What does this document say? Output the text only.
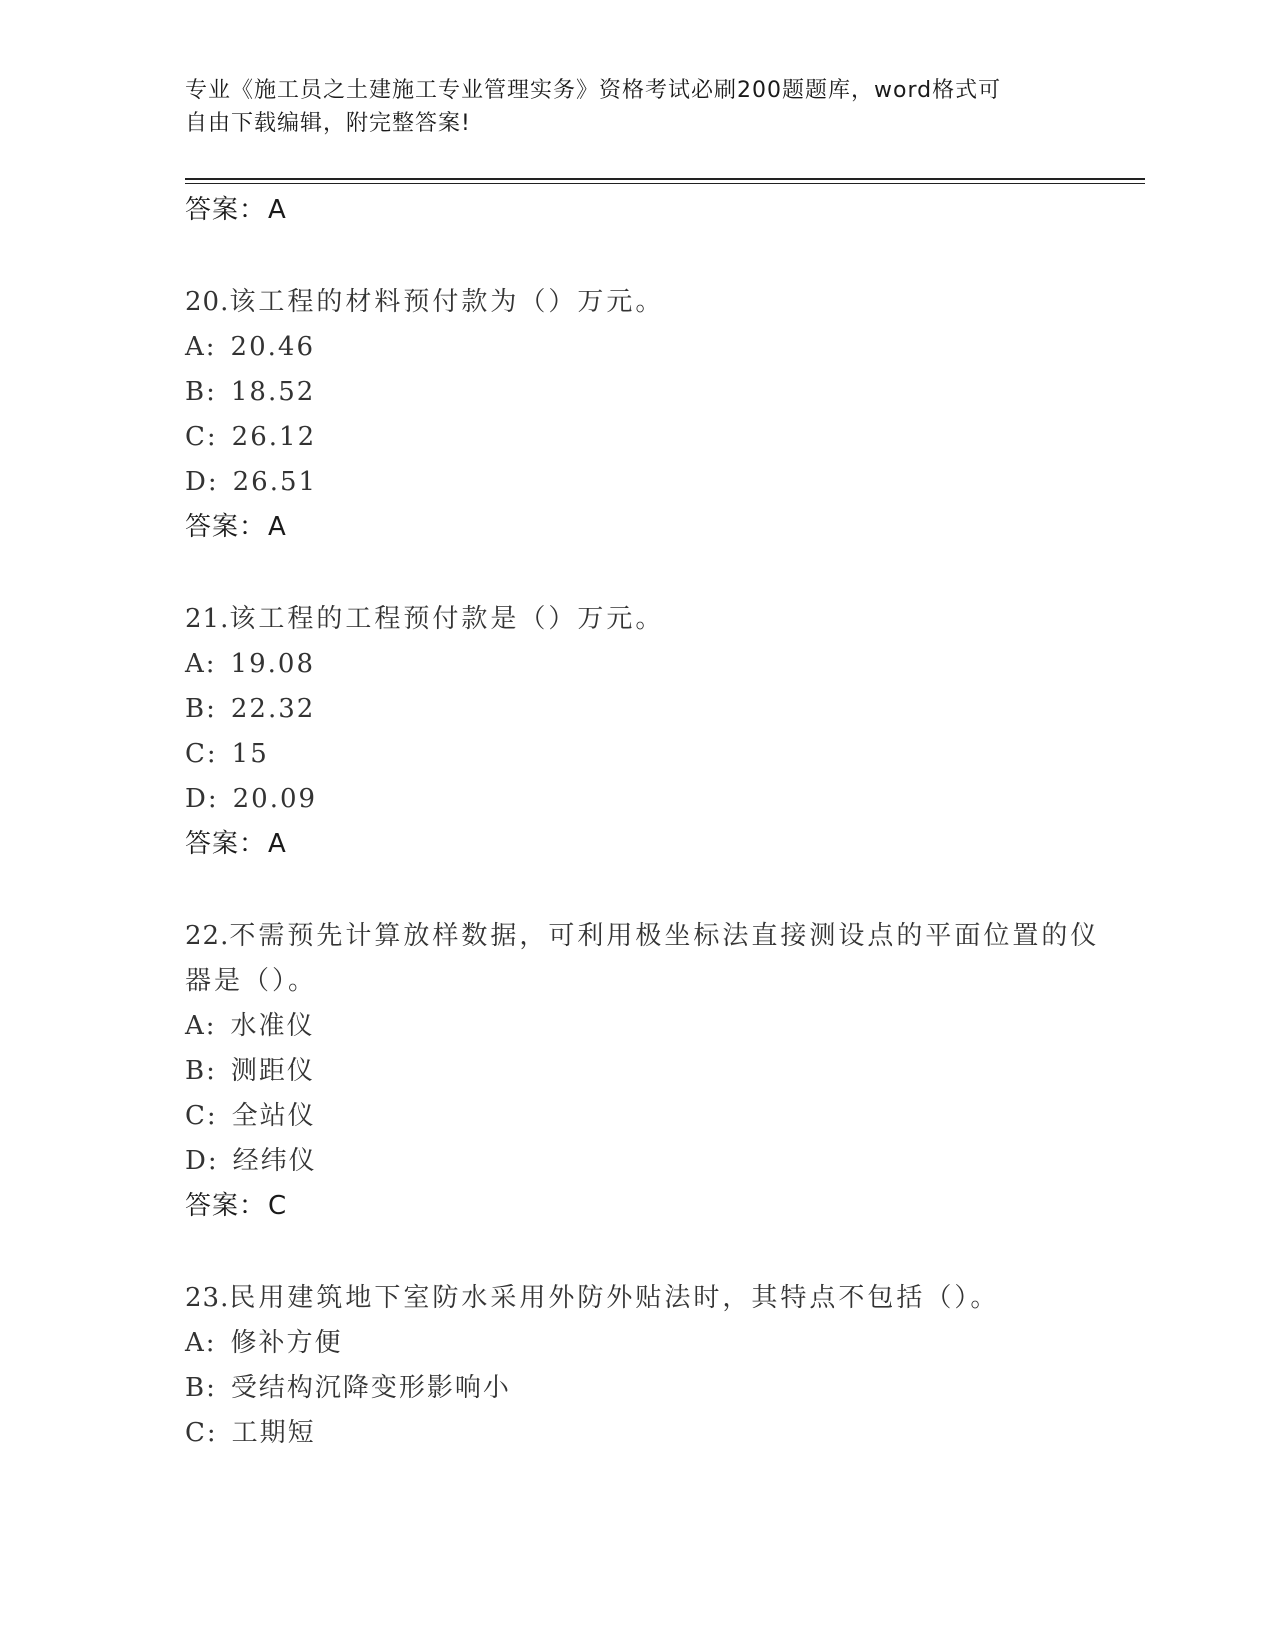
专业《施工员之土建施工专业管理实务》资格考试必刷200题题库，word格式可
自由下载编辑，附完整答案!
答案：A
20.该工程的材料预付款为（）万元。
A: 20.46
B: 18.52
C: 26.12
D: 26.51
答案：A
21.该工程的工程预付款是（）万元。
A: 19.08
B: 22.32
C: 15
D: 20.09
答案：A
22.不需预先计算放样数据，可利用极坐标法直接测设点的平面位置的仪器是（）。
A: 水准仪
B: 测距仪
C: 全站仪
D: 经纬仪
答案：C
23.民用建筑地下室防水采用外防外贴法时，其特点不包括（）。
A: 修补方便
B: 受结构沉降变形影响小
C: 工期短
